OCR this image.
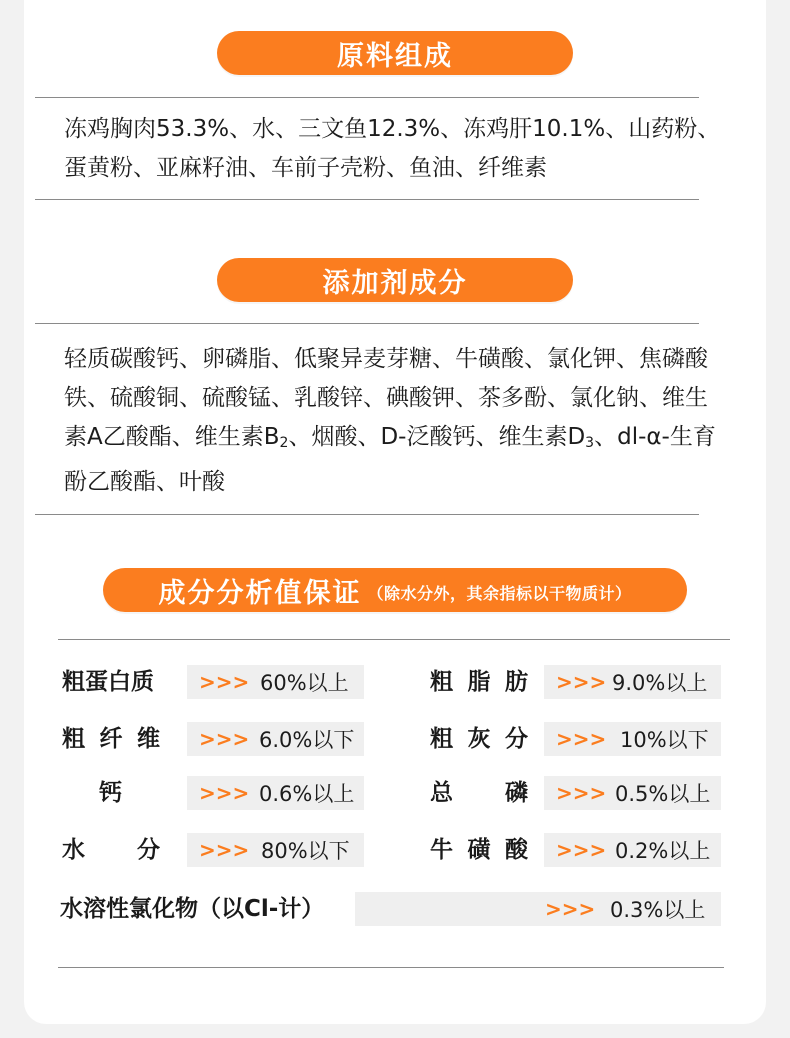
原料组成

冻鸡胸肉53.3%、水、三文鱼12.3%、冻鸡肝10.1%、山药粉、蛋黄粉、亚麻籽油、车前子壳粉、鱼油、纤维素

添加剂成分

轻质碳酸钙、卵磷脂、低聚异麦芽糖、牛磺酸、氯化钾、焦磷酸铁、硫酸铜、硫酸锰、乳酸锌、碘酸钾、茶多酚、氯化钠、维生素A乙酸酯、维生素B2、烟酸、D-泛酸钙、维生素D3、dl-α-生育酚乙酸酯、叶酸

成分分析值保证 （除水分外，其余指标以干物质计）
粗蛋白质 >>> 60%以上
粗 纤 维 >>> 6.0%以下
钙	>>> 0.6%以上
水 分 >>> 80%以下
粗 脂 肪 >>> 9.0%以上
粗 灰 分 >>> 10%以下
总 磷 >>> 0.5%以上
牛 磺 酸 >>> 0.2%以上
水溶性氯化物（以Cl-计）	>>> 0.3%以上
